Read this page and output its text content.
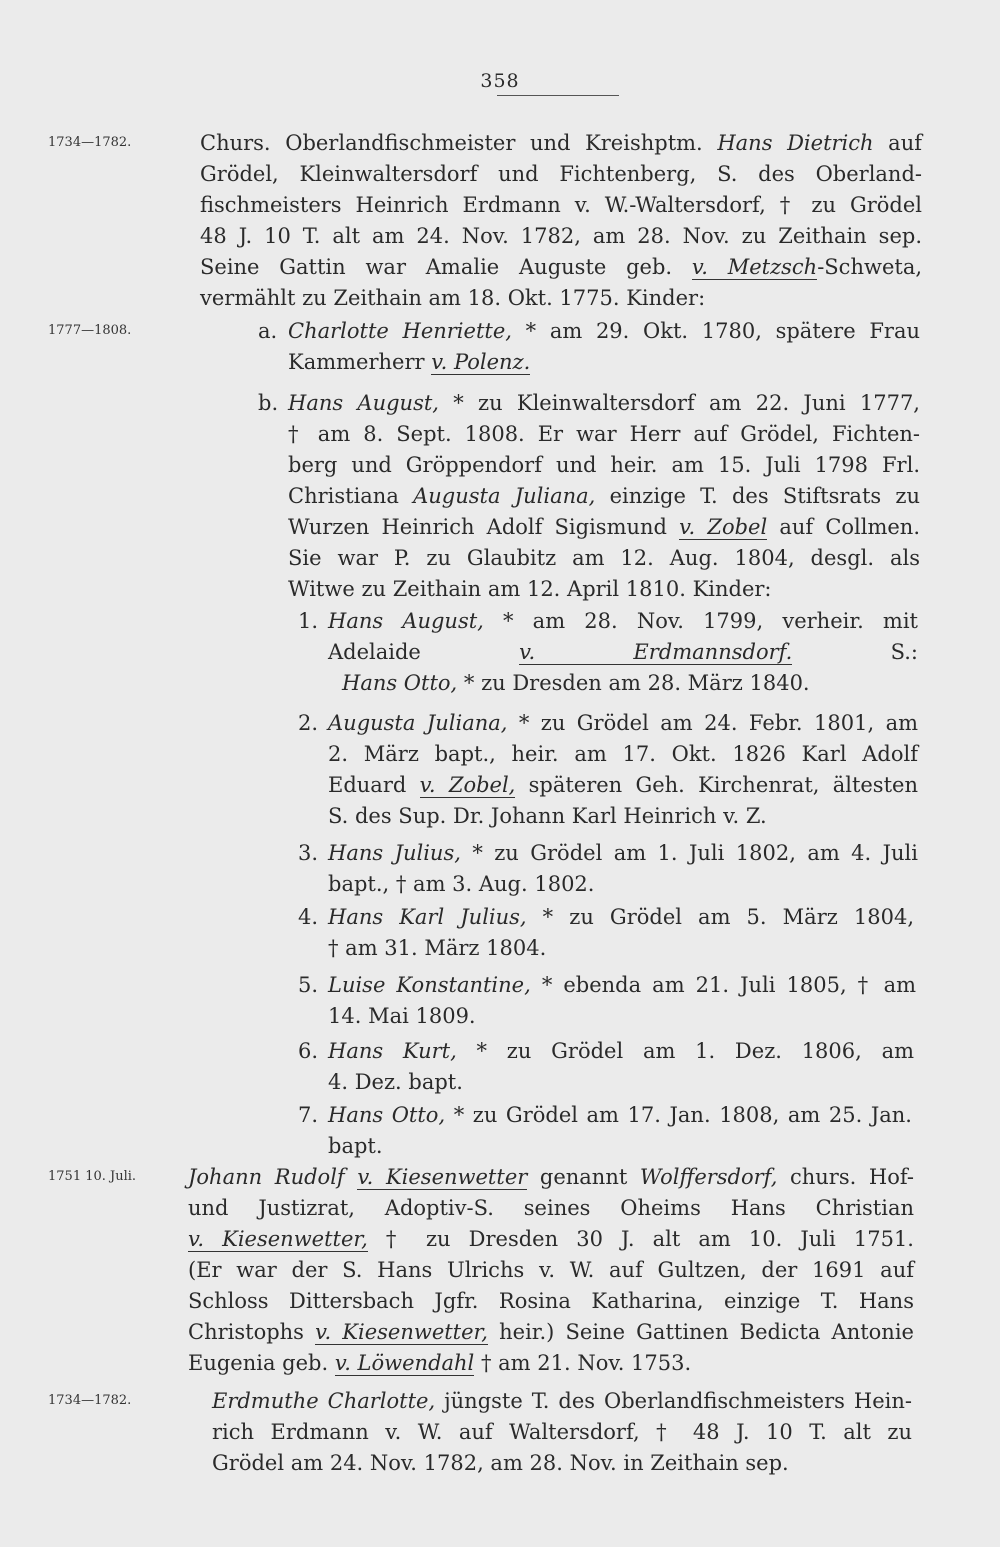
358
1734—1782.	Churs. Oberlandfischmeister und Kreishptm. Hans Dietrich auf
Grödel, Kleinwaltersdorf und Fichtenberg, S. des Oberland-
fischmeisters Heinrich Erdmann v. W.-Waltersdorf, † zu Grödel
48 J. 10 T. alt am 24. Nov. 1782, am 28. Nov. zu Zeithain sep.
Seine Gattin war Amalie Auguste geb. v. Metzsch-Schweta,
vermählt zu Zeithain am 18. Okt. 1775. Kinder:
1777—1808.	a. Charlotte Henriette, * am 29. Okt. 1780, spätere Frau
Kammerherr v. Polenz.
b. Hans August, * zu Kleinwaltersdorf am 22. Juni 1777,
† am 8. Sept. 1808. Er war Herr auf Grödel, Fichten-
berg und Gröppendorf und heir. am 15. Juli 1798 Frl.
Christiana Augusta Juliana, einzige T. des Stiftsrats zu
Wurzen Heinrich Adolf Sigismund v. Zobel auf Collmen.
Sie war P. zu Glaubitz am 12. Aug. 1804, desgl. als
Witwe zu Zeithain am 12. April 1810. Kinder:
1. Hans August, * am 28. Nov. 1799, verheir. mit
Adelaide v. Erdmannsdorf. S.:
Hans Otto, * zu Dresden am 28. März 1840.
2. Augusta Juliana, * zu Grödel am 24. Febr. 1801, am
2. März bapt., heir. am 17. Okt. 1826 Karl Adolf
Eduard v. Zobel, späteren Geh. Kirchenrat, ältesten
S. des Sup. Dr. Johann Karl Heinrich v. Z.
3. Hans Julius, * zu Grödel am 1. Juli 1802, am 4. Juli
bapt., † am 3. Aug. 1802.
4. Hans Karl Julius, * zu Grödel am 5. März 1804,
† am 31. März 1804.
5. Luise Konstantine, * ebenda am 21. Juli 1805, † am
14. Mai 1809.
6. Hans Kurt, * zu Grödel am 1. Dez. 1806, am
4. Dez. bapt.
7. Hans Otto, * zu Grödel am 17. Jan. 1808, am 25. Jan.
bapt.
1751 10. Juli. Johann Rudolf v. Kiesenwetter genannt Wolffersdorf, churs. Hof-
und Justizrat, Adoptiv-S. seines Oheims Hans Christian
v. Kiesenwetter, † zu Dresden 30 J. alt am 10. Juli 1751.
(Er war der S. Hans Ulrichs v. W. auf Gultzen, der 1691 auf
Schloss Dittersbach Jgfr. Rosina Katharina, einzige T. Hans
Christophs v. Kiesenwetter, heir.) Seine Gattinen Bedicta Antonie
Eugenia geb. v. Löwendahl † am 21. Nov. 1753.
1734—1782.	Erdmuthe Charlotte, jüngste T. des Oberlandfischmeisters Hein-
rich Erdmann v. W. auf Waltersdorf, † 48 J. 10 T. alt zu
Grödel am 24. Nov. 1782, am 28. Nov. in Zeithain sep.
